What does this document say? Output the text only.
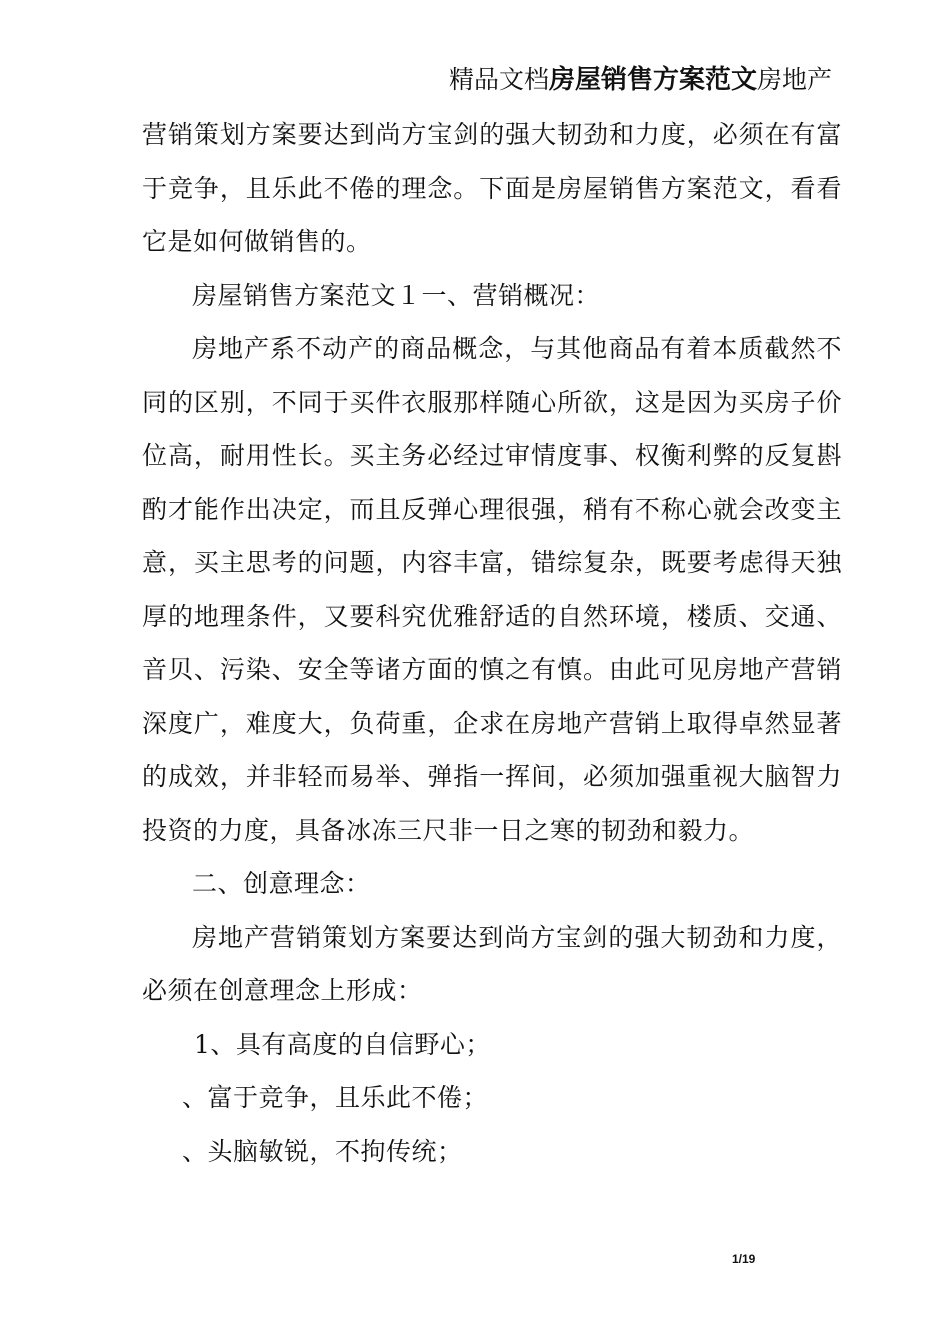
精品文档房屋销售方案范文房地产

营销策划方案要达到尚方宝剑的强大韧劲和力度，必须在有富于竞争，且乐此不倦的理念。下面是房屋销售方案范文，看看它是如何做销售的。

房屋销售方案范文１一、营销概况：

房地产系不动产的商品概念，与其他商品有着本质截然不同的区别，不同于买件衣服那样随心所欲，这是因为买房子价位高，耐用性长。买主务必经过审情度事、权衡利弊的反复斟酌才能作出决定，而且反弹心理很强，稍有不称心就会改变主意，买主思考的问题，内容丰富，错综复杂，既要考虑得天独厚的地理条件，又要科究优雅舒适的自然环境，楼质、交通、音贝、污染、安全等诸方面的慎之有慎。由此可见房地产营销深度广，难度大，负荷重，企求在房地产营销上取得卓然显著的成效，并非轻而易举、弹指一挥间，必须加强重视大脑智力投资的力度，具备冰冻三尺非一日之寒的韧劲和毅力。

二、创意理念：

房地产营销策划方案要达到尚方宝剑的强大韧劲和力度，必须在创意理念上形成：

1、具有高度的自信野心；

、富于竞争，且乐此不倦；

、头脑敏锐，不拘传统；

1/19
